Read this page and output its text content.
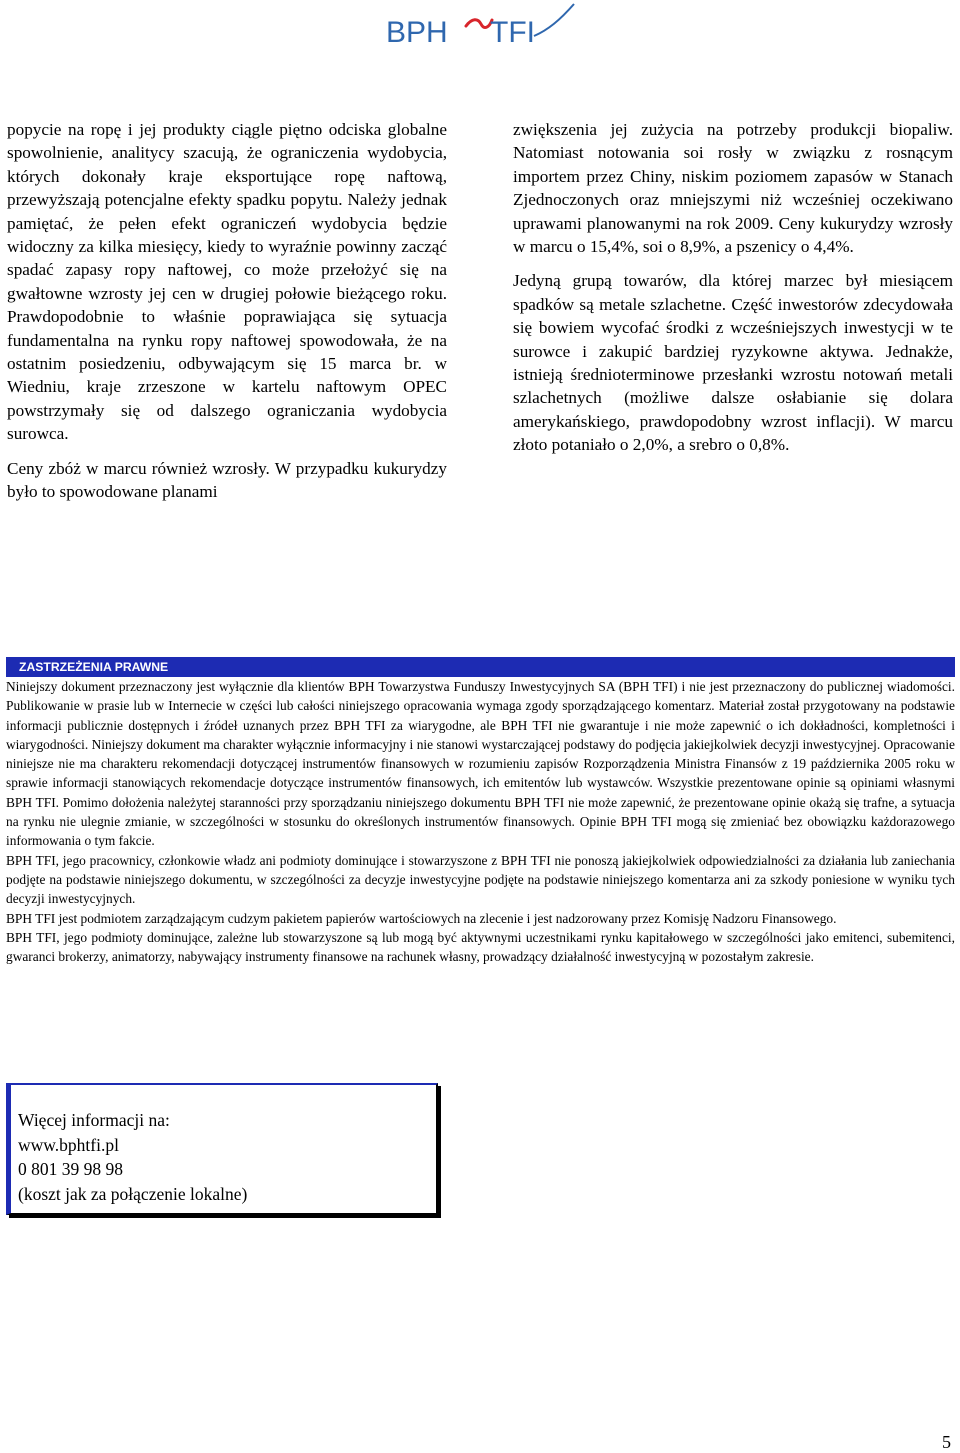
BPH TFI

popycie na ropę i jej produkty ciągle piętno odciska globalne spowolnienie, analitycy szacują, że ograniczenia wydobycia, których dokonały kraje eksportujące ropę naftową, przewyższają potencjalne efekty spadku popytu. Należy jednak pamiętać, że pełen efekt ograniczeń wydobycia będzie widoczny za kilka miesięcy, kiedy to wyraźnie powinny zacząć spadać zapasy ropy naftowej, co może przełożyć się na gwałtowne wzrosty jej cen w drugiej połowie bieżącego roku. Prawdopodobnie to właśnie poprawiająca się sytuacja fundamentalna na rynku ropy naftowej spowodowała, że na ostatnim posiedzeniu, odbywającym się 15 marca br. w Wiedniu, kraje zrzeszone w kartelu naftowym OPEC powstrzymały się od dalszego ograniczania wydobycia surowca.

Ceny zbóż w marcu również wzrosły. W przypadku kukurydzy było to spowodowane planami

zwiększenia jej zużycia na potrzeby produkcji biopaliw. Natomiast notowania soi rosły w związku z rosnącym importem przez Chiny, niskim poziomem zapasów w Stanach Zjednoczonych oraz mniejszymi niż wcześniej oczekiwano uprawami planowanymi na rok 2009. Ceny kukurydzy wzrosły w marcu o 15,4%, soi o 8,9%, a pszenicy o 4,4%.

Jedyną grupą towarów, dla której marzec był miesiącem spadków są metale szlachetne. Część inwestorów zdecydowała się bowiem wycofać środki z wcześniejszych inwestycji w te surowce i zakupić bardziej ryzykowne aktywa. Jednakże, istnieją średnioterminowe przesłanki wzrostu notowań metali szlachetnych (możliwe dalsze osłabianie się dolara amerykańskiego, prawdopodobny wzrost inflacji). W marcu złoto potaniało o 2,0%, a srebro o 0,8%.

ZASTRZEŻENIA PRAWNE

Niniejszy dokument przeznaczony jest wyłącznie dla klientów BPH Towarzystwa Funduszy Inwestycyjnych SA (BPH TFI) i nie jest przeznaczony do publicznej wiadomości. Publikowanie w prasie lub w Internecie w części lub całości niniejszego opracowania wymaga zgody sporządzającego komentarz. Materiał został przygotowany na podstawie informacji publicznie dostępnych i źródeł uznanych przez BPH TFI za wiarygodne, ale BPH TFI nie gwarantuje i nie może zapewnić o ich dokładności, kompletności i wiarygodności. Niniejszy dokument ma charakter wyłącznie informacyjny i nie stanowi wystarczającej podstawy do podjęcia jakiejkolwiek decyzji inwestycyjnej. Opracowanie niniejsze nie ma charakteru rekomendacji dotyczącej instrumentów finansowych w rozumieniu zapisów Rozporządzenia Ministra Finansów z 19 października 2005 roku w sprawie informacji stanowiących rekomendacje dotyczące instrumentów finansowych, ich emitentów lub wystawców. Wszystkie prezentowane opinie są opiniami własnymi BPH TFI. Pomimo dołożenia należytej staranności przy sporządzaniu niniejszego dokumentu BPH TFI nie może zapewnić, że prezentowane opinie okażą się trafne, a sytuacja na rynku nie ulegnie zmianie, w szczególności w stosunku do określonych instrumentów finansowych. Opinie BPH TFI mogą się zmieniać bez obowiązku każdorazowego informowania o tym fakcie.

BPH TFI, jego pracownicy, członkowie władz ani podmioty dominujące i stowarzyszone z BPH TFI nie ponoszą jakiejkolwiek odpowiedzialności za działania lub zaniechania podjęte na podstawie niniejszego dokumentu, w szczególności za decyzje inwestycyjne podjęte na podstawie niniejszego komentarza ani za szkody poniesione w wyniku tych decyzji inwestycyjnych.

BPH TFI jest podmiotem zarządzającym cudzym pakietem papierów wartościowych na zlecenie i jest nadzorowany przez Komisję Nadzoru Finansowego.

BPH TFI, jego podmioty dominujące, zależne lub stowarzyszone są lub mogą być aktywnymi uczestnikami rynku kapitałowego w szczególności jako emitenci, subemitenci, gwaranci brokerzy, animatorzy, nabywający instrumenty finansowe na rachunek własny, prowadzący działalność inwestycyjną w pozostałym zakresie.

Więcej informacji na:
www.bphtfi.pl
0 801 39 98 98
(koszt jak za połączenie lokalne)
5
